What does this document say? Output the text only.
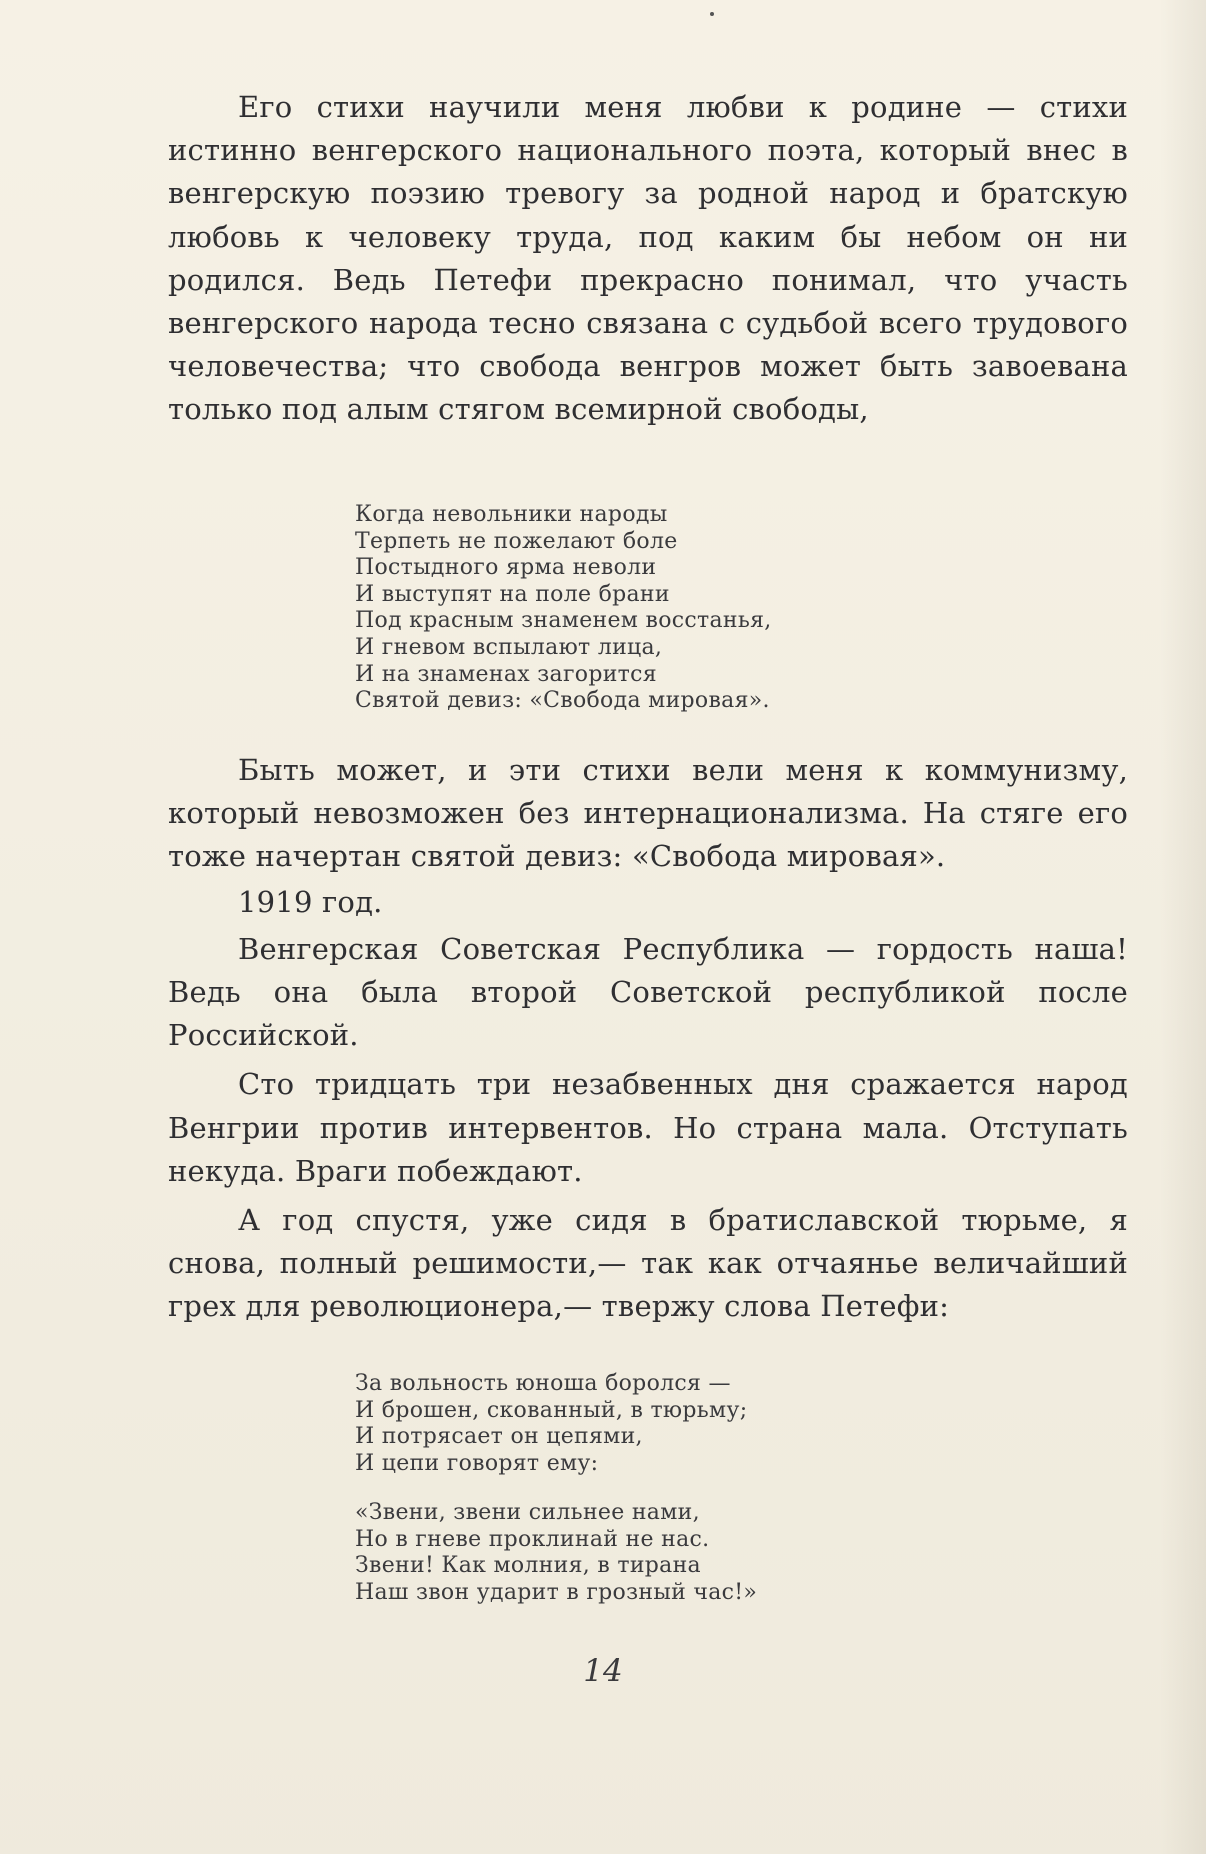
Его стихи научили меня любви к родине — стихи истинно венгерского национального поэта, который внес в венгерскую поэзию тревогу за родной народ и братскую любовь к человеку труда, под каким бы небом он ни родился. Ведь Петефи прекрасно понимал, что участь венгерского народа тесно связана с судьбой всего трудового человечества; что свобода венгров может быть завоевана только под алым стягом всемирной свободы,

Когда невольники народы
Терпеть не пожелают боле
Постыдного ярма неволи
И выступят на поле брани
Под красным знаменем восстанья,
И гневом вспылают лица,
И на знаменах загорится
Святой девиз: «Свобода мировая».

Быть может, и эти стихи вели меня к коммунизму, который невозможен без интернационализма. На стяге его тоже начертан святой девиз: «Свобода мировая».

1919 год.

Венгерская Советская Республика — гордость наша! Ведь она была второй Советской республикой после Российской.

Сто тридцать три незабвенных дня сражается народ Венгрии против интервентов. Но страна мала. Отступать некуда. Враги побеждают.

А год спустя, уже сидя в братиславской тюрьме, я снова, полный решимости,— так как отчаянье величайший грех для революционера,— твержу слова Петефи:

За вольность юноша боролся —
И брошен, скованный, в тюрьму;
И потрясает он цепями,
И цепи говорят ему:
«Звени, звени сильнее нами,
Но в гневе проклинай не нас.
Звени! Как молния, в тирана
Наш звон ударит в грозный час!»
14
